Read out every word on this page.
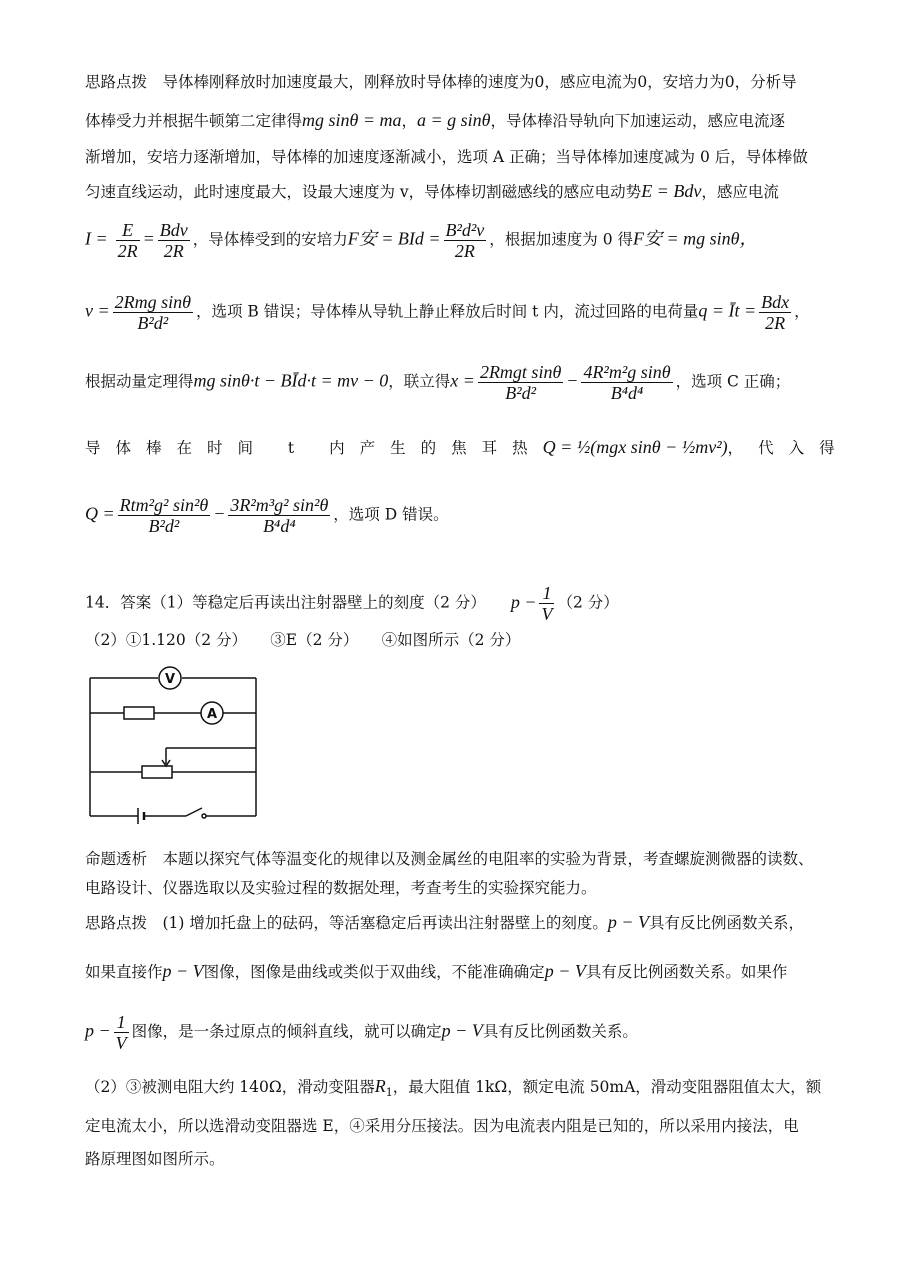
思路点拨　导体棒刚释放时加速度最大，刚释放时导体棒的速度为0，感应电流为0，安培力为0，分析导
体棒受力并根据牛顿第二定律得mg sinθ = ma，a = g sinθ，导体棒沿导轨向下加速运动，感应电流逐
渐增加，安培力逐渐增加，导体棒的加速度逐渐减小，选项 A 正确；当导体棒加速度减为 0 后，导体棒做
匀速直线运动，此时速度最大，设最大速度为 v，导体棒切割磁感线的感应电动势E = Bdv，感应电流
$I = \frac{E}{2R} = \frac{\text{Bdv}}{2R}$ ，导体棒受到的安培力F安 = BId = $\frac{\text{B²d²v}}{2R}$ ，根据加速度为 0 得F安 = mg sinθ，
$v = \frac{\text{2Rmg sinθ}}{\text{B²d²}}$ ，选项 B 错误；导体棒从导轨上静止释放后时间 t 内，流过回路的电荷量q = Īt = $\frac{\text{Bdx}}{2R}$ ，
根据动量定理得mg sinθ·t − BĪd·t = mv − 0，联立得$x = \frac{\text{2Rmgt sinθ}}{\text{B²d²}} - \frac{\text{4R²m²g sinθ}}{\text{B⁴d⁴}}$ ，选项 C 正确；
导体棒在时间 t 内产生的焦耳热Q = ½(mgx sinθ − ½mv²)，代入得
$Q = \frac{\text{Rtm²g² sin²θ}}{\text{B²d²}} - \frac{\text{3R²m³g² sin²θ}}{\text{B⁴d⁴}}$ ，选项 D 错误。
14．答案（1）等稳定后再读出注射器壁上的刻度（2 分） $p - \frac{1}{V} (2$ 分）
（2）①1.120（2 分）　　③E（2 分）　　④如图所示（2 分）
V
A
命题透析　本题以探究气体等温变化的规律以及测金属丝的电阻率的实验为背景，考查螺旋测微器的读数、
电路设计、仪器选取以及实验过程的数据处理，考查考生的实验探究能力。
思路点拨　(1) 增加托盘上的砝码，等活塞稳定后再读出注射器壁上的刻度。p − V具有反比例函数关系，
如果直接作p − V图像，图像是曲线或类似于双曲线，不能准确确定p − V具有反比例函数关系。如果作
$p - \frac{1}{V}$ 图像，是一条过原点的倾斜直线，就可以确定p − V具有反比例函数关系。
（2）③被测电阻大约 140Ω，滑动变阻器$R_1$，最大阻值 1kΩ，额定电流 50mA，滑动变阻器阻值太大，额
定电流太小，所以选滑动变阻器选 E，④采用分压接法。因为电流表内阻是已知的，所以采用内接法，电
路原理图如图所示。
